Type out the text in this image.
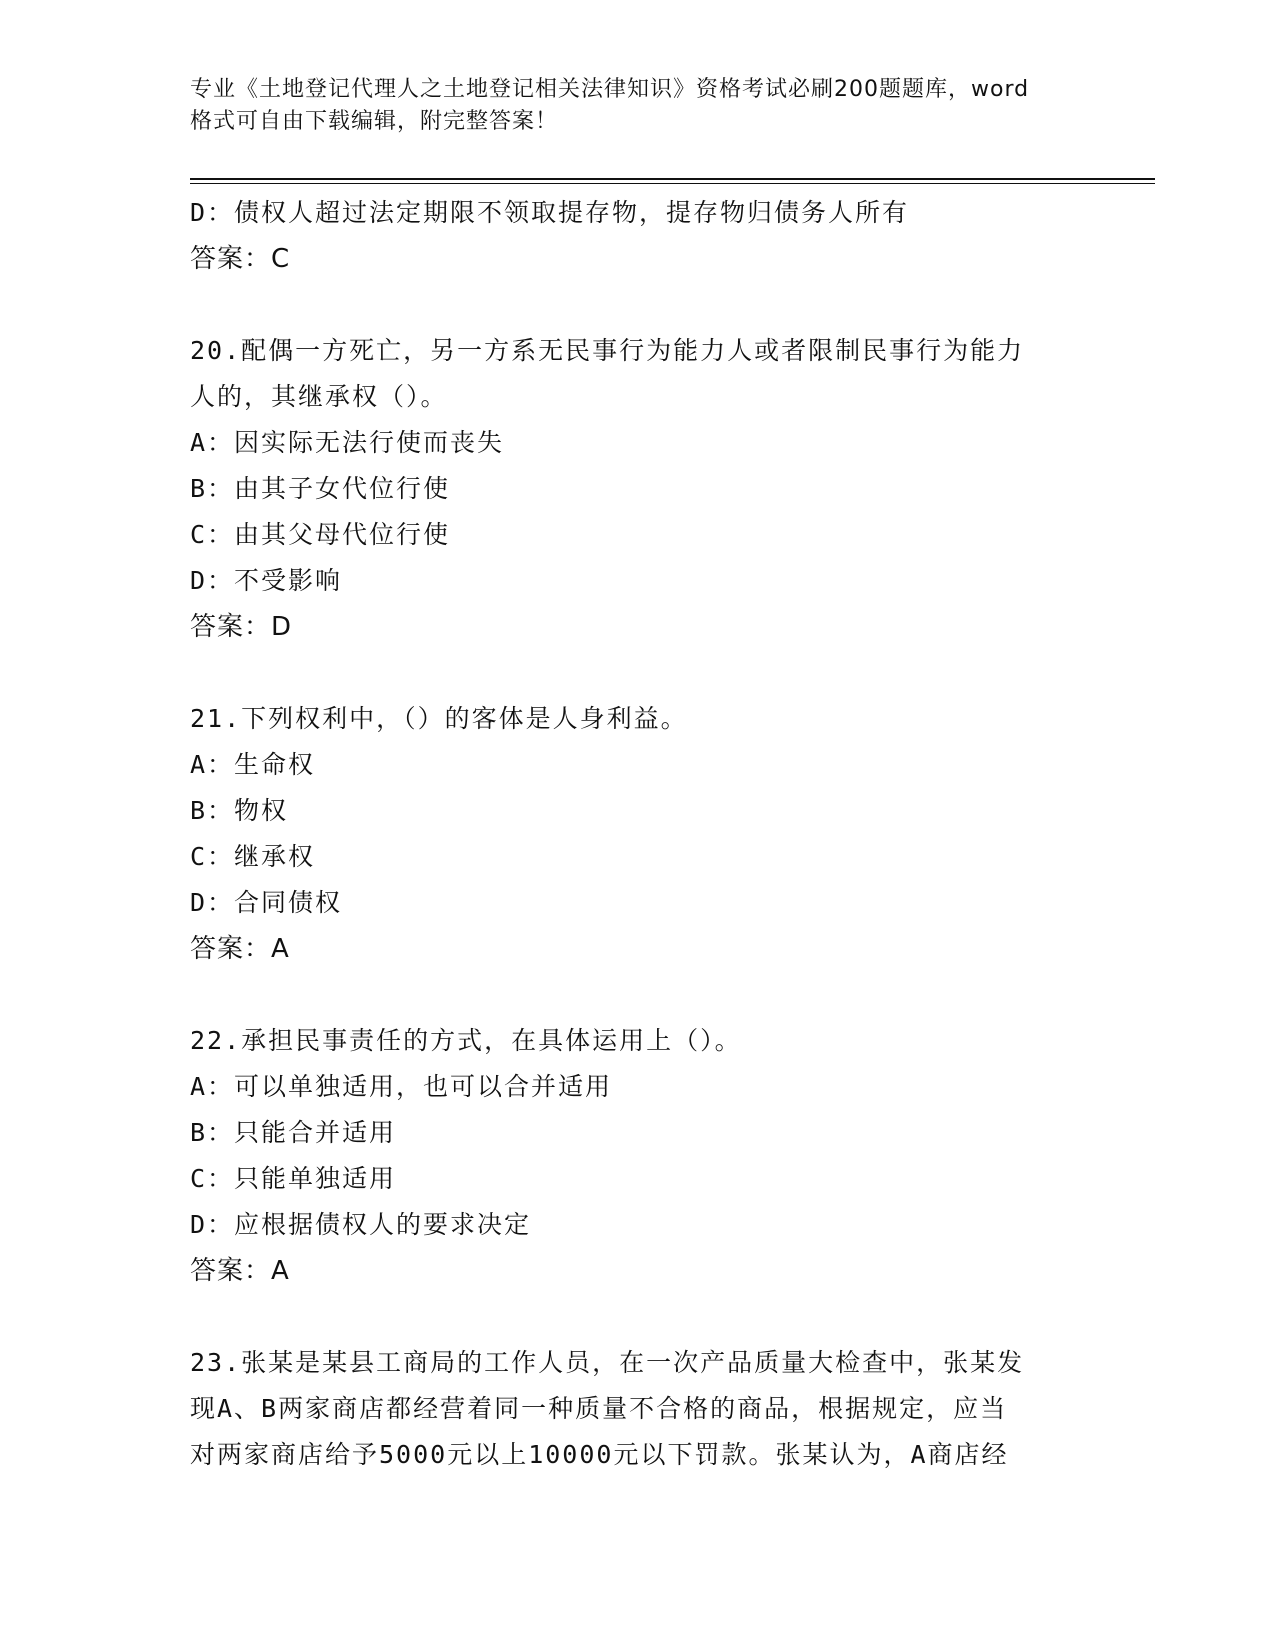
专业《土地登记代理人之土地登记相关法律知识》资格考试必刷200题题库，word
格式可自由下载编辑，附完整答案！
D：债权人超过法定期限不领取提存物，提存物归债务人所有
答案：C
20.配偶一方死亡，另一方系无民事行为能力人或者限制民事行为能力
人的，其继承权（）。
A：因实际无法行使而丧失
B：由其子女代位行使
C：由其父母代位行使
D：不受影响
答案：D
21.下列权利中，（）的客体是人身利益。
A：生命权
B：物权
C：继承权
D：合同债权
答案：A
22.承担民事责任的方式，在具体运用上（）。
A：可以单独适用，也可以合并适用
B：只能合并适用
C：只能单独适用
D：应根据债权人的要求决定
答案：A
23.张某是某县工商局的工作人员，在一次产品质量大检查中，张某发
现A、B两家商店都经营着同一种质量不合格的商品，根据规定，应当
对两家商店给予5000元以上10000元以下罚款。张某认为，A商店经
